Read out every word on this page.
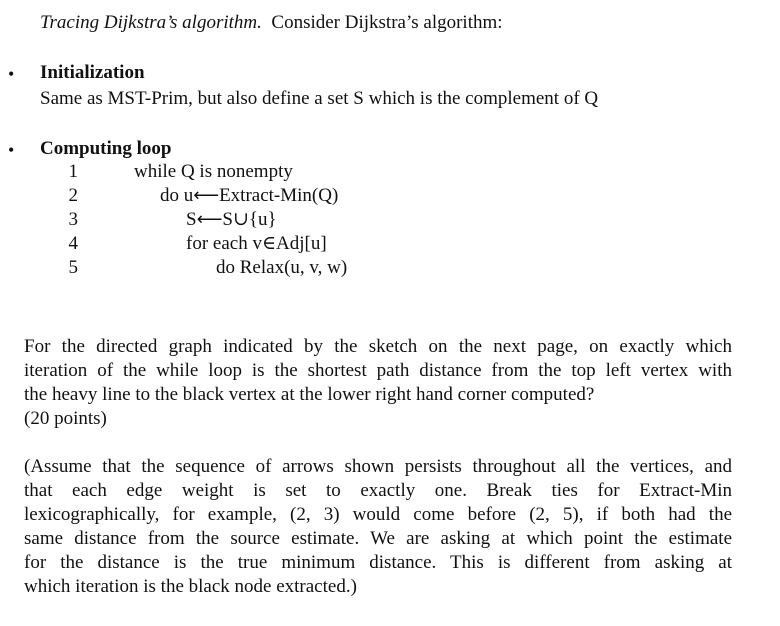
Tracing Dijkstra’s algorithm. Consider Dijkstra’s algorithm:
• Initialization
Same as MST-Prim, but also define a set S which is the complement of Q
• Computing loop
1	while Q is nonempty
2	do u⟵Extract-Min(Q)
3	S⟵S∪{u}
4	for each v∈Adj[u]
5	do Relax(u, v, w)
For the directed graph indicated by the sketch on the next page, on exactly which
iteration of the while loop is the shortest path distance from the top left vertex with
the heavy line to the black vertex at the lower right hand corner computed?
(20 points)
(Assume that the sequence of arrows shown persists throughout all the vertices, and
that each edge weight is set to exactly one. Break ties for Extract-Min
lexicographically, for example, (2, 3) would come before (2, 5), if both had the
same distance from the source estimate. We are asking at which point the estimate
for the distance is the true minimum distance. This is different from asking at
which iteration is the black node extracted.)
